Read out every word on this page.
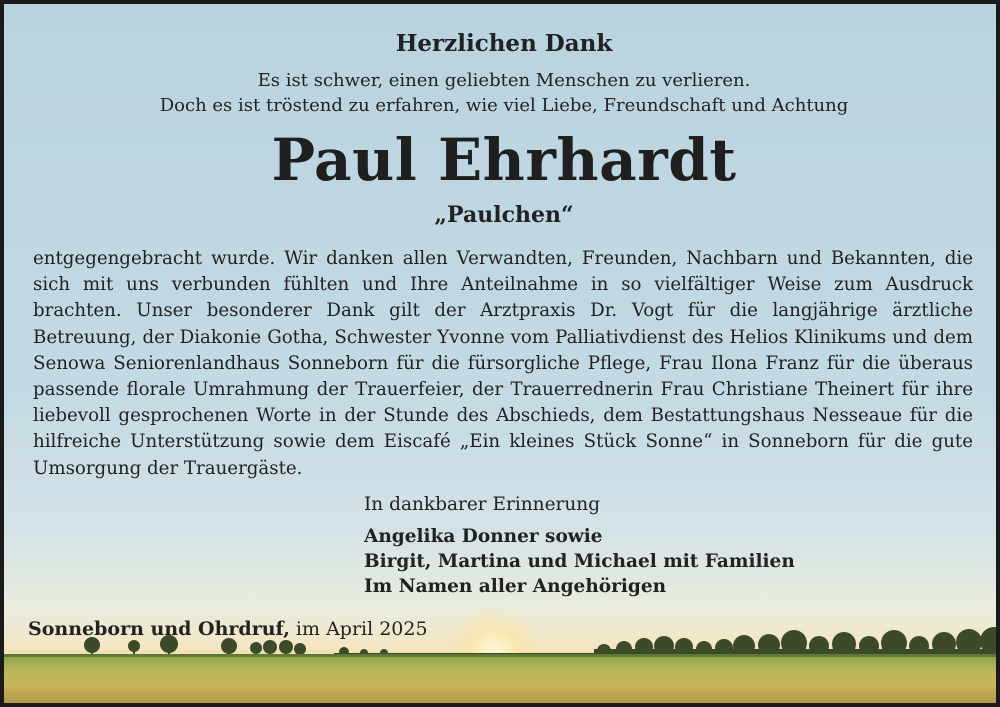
Herzlichen Dank
Es ist schwer, einen geliebten Menschen zu verlieren.
Doch es ist tröstend zu erfahren, wie viel Liebe, Freundschaft und Achtung
Paul Ehrhardt
„Paulchen“
entgegengebracht wurde. Wir danken allen Verwandten, Freunden, Nachbarn und Bekannten, die sich mit uns verbunden fühlten und Ihre Anteilnahme in so vielfältiger Weise zum Ausdruck brachten. Unser besonderer Dank gilt der Arztpraxis Dr. Vogt für die langjährige ärztliche Betreuung, der Diakonie Gotha, Schwester Yvonne vom Palliativdienst des Helios Klinikums und dem Senowa Seniorenlandhaus Sonneborn für die fürsorgliche Pflege, Frau Ilona Franz für die überaus passende florale Umrahmung der Trauerfeier, der Trauerrednerin Frau Christiane Theinert für ihre liebevoll gesprochenen Worte in der Stunde des Abschieds, dem Bestattungshaus Nesseaue für die hilfreiche Unterstützung sowie dem Eiscafé „Ein kleines Stück Sonne“ in Sonneborn für die gute Umsorgung der Trauergäste.
In dankbarer Erinnerung
Angelika Donner sowie
Birgit, Martina und Michael mit Familien
Im Namen aller Angehörigen
Sonneborn und Ohrdruf, im April 2025
